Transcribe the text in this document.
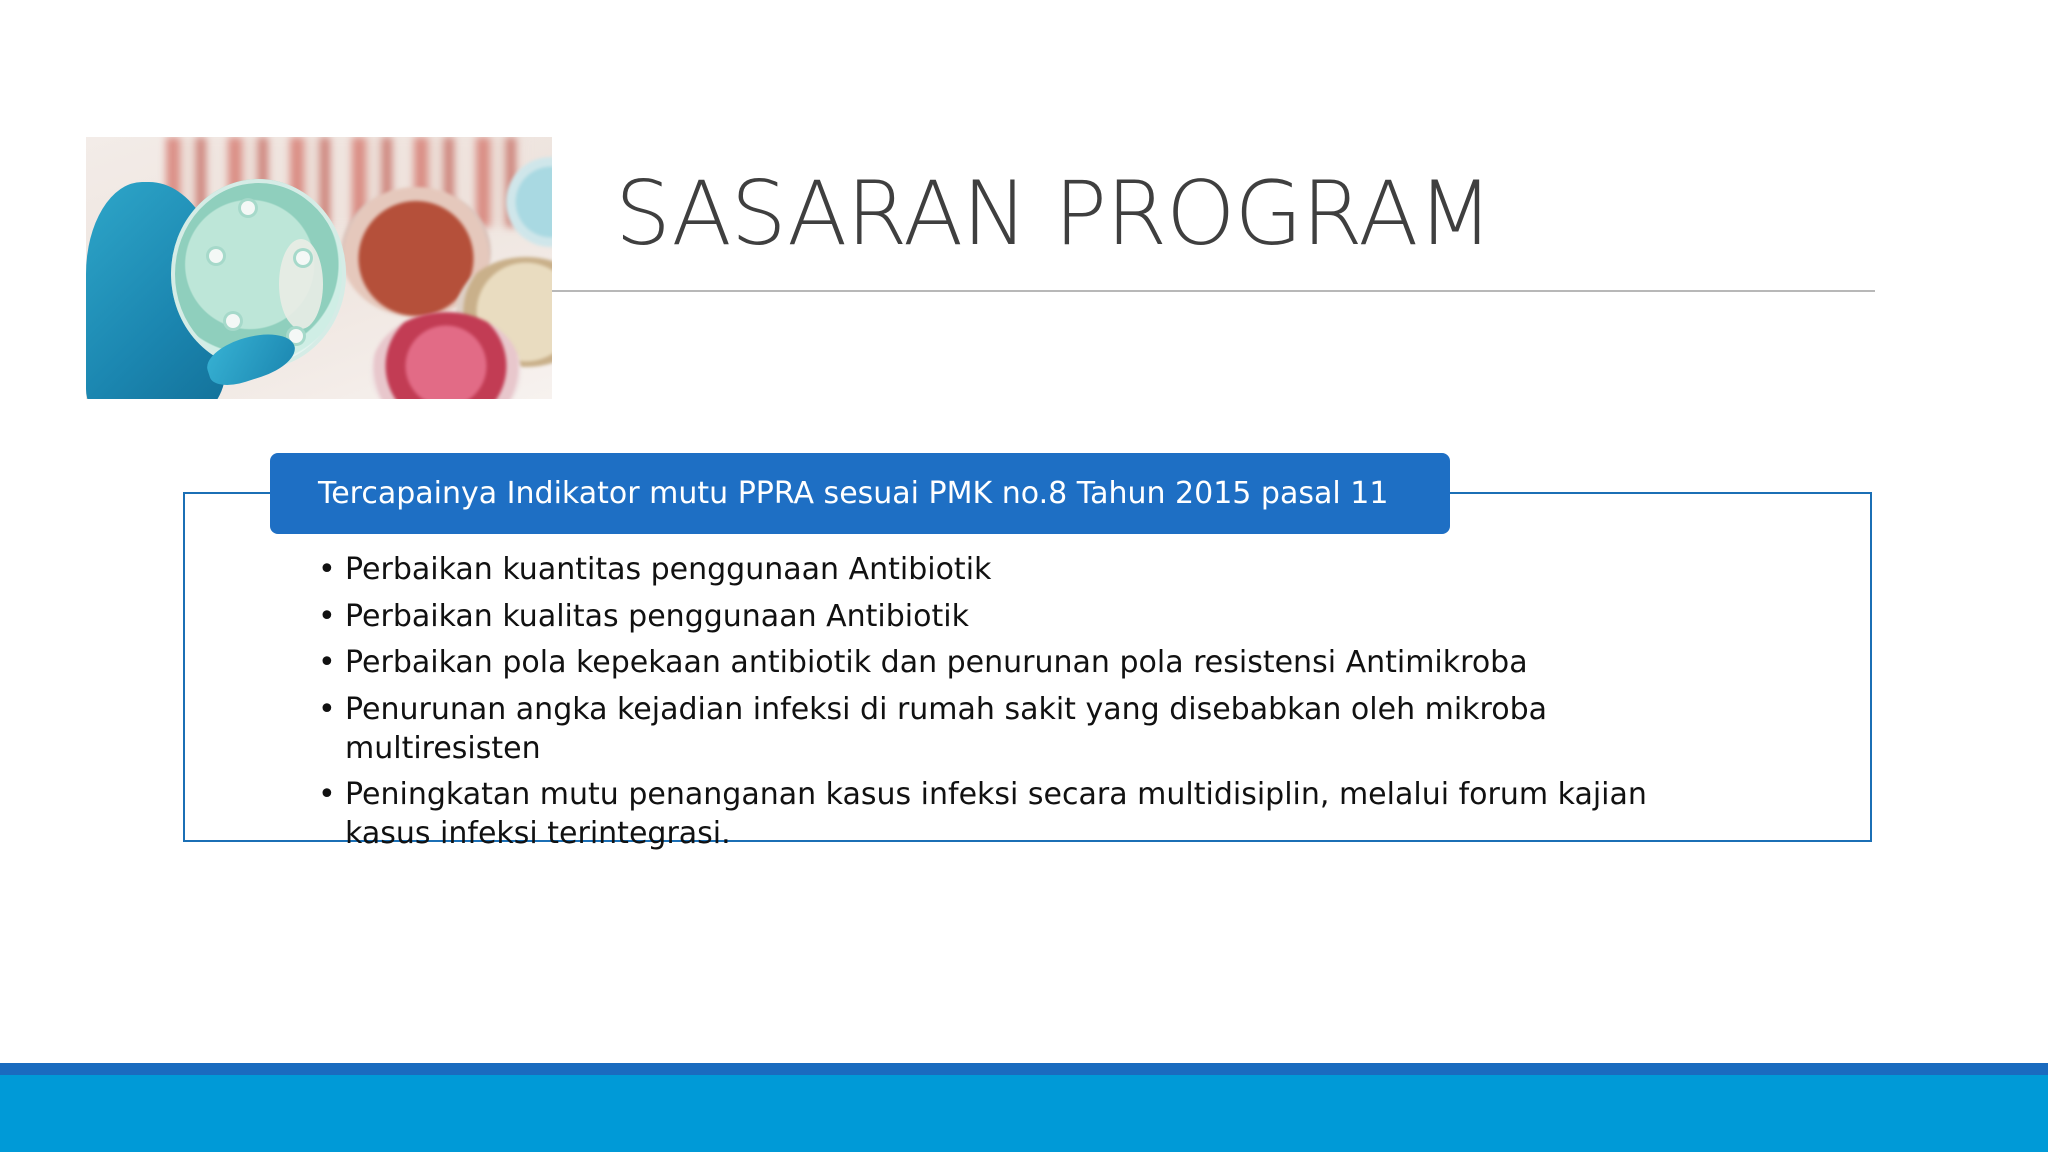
SASARAN PROGRAM
Tercapainya Indikator mutu PPRA sesuai PMK no.8 Tahun 2015 pasal 11
• Perbaikan kuantitas penggunaan Antibiotik
• Perbaikan kualitas penggunaan Antibiotik
• Perbaikan pola kepekaan antibiotik dan penurunan pola resistensi Antimikroba
• Penurunan angka kejadian infeksi di rumah sakit yang disebabkan oleh mikroba multiresisten
• Peningkatan mutu penanganan kasus infeksi secara multidisiplin, melalui forum kajian kasus infeksi terintegrasi.
